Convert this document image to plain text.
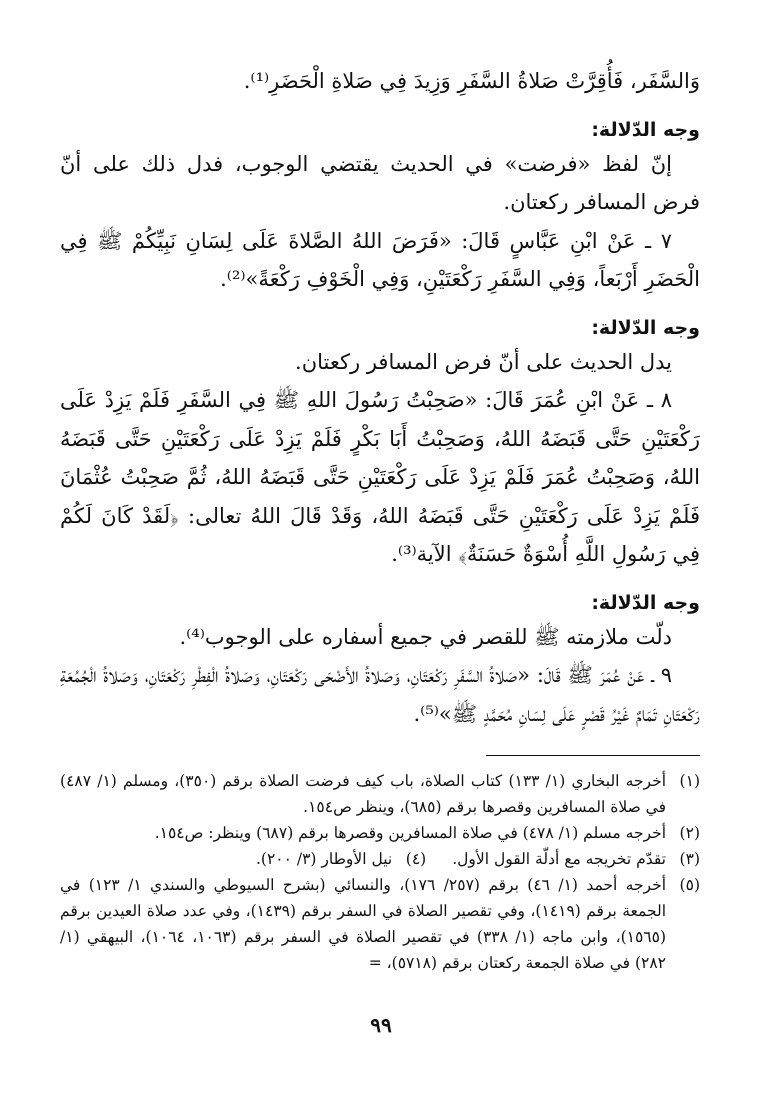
وَالسَّفَر، فَأُقِرَّتْ صَلاةُ السَّفَرِ وَزِيدَ فِي صَلاةِ الْحَضَرِ⁽¹⁾.

وجه الدّلالة:

إنّ لفظ «فرضت» في الحديث يقتضي الوجوب، فدل ذلك على أنّ فرض المسافر ركعتان.

٧ ـ عَنْ ابْنِ عَبَّاسٍ قَالَ: «فَرَضَ اللهُ الصَّلاةَ عَلَى لِسَانِ نَبِيِّكُمْ ﷺ فِي الْحَضَرِ أَرْبَعاً، وَفِي السَّفَرِ رَكْعَتَيْنِ، وَفِي الْخَوْفِ رَكْعَةً»⁽²⁾.

وجه الدّلالة:

يدل الحديث على أنّ فرض المسافر ركعتان.

٨ ـ عَنْ ابْنِ عُمَرَ قَالَ: «صَحِبْتُ رَسُولَ اللهِ ﷺ فِي السَّفَرِ فَلَمْ يَزِدْ عَلَى رَكْعَتَيْنِ حَتَّى قَبَضَهُ اللهُ، وَصَحِبْتُ أَبَا بَكْرٍ فَلَمْ يَزِدْ عَلَى رَكْعَتَيْنِ حَتَّى قَبَضَهُ اللهُ، وَصَحِبْتُ عُمَرَ فَلَمْ يَزِدْ عَلَى رَكْعَتَيْنِ حَتَّى قَبَضَهُ اللهُ، ثُمَّ صَحِبْتُ عُثْمَانَ فَلَمْ يَزِدْ عَلَى رَكْعَتَيْنِ حَتَّى قَبَضَهُ اللهُ، وَقَدْ قَالَ اللهُ تعالى: ﴿لَقَدْ كَانَ لَكُمْ فِي رَسُولِ اللَّهِ أُسْوَةٌ حَسَنَةٌ﴾ الآية⁽³⁾.

وجه الدّلالة:

دلّت ملازمته ﷺ للقصر في جميع أسفاره على الوجوب⁽⁴⁾.

٩ ـ عَنْ عُمَرَ ﷺ قَالَ: «صَلاةُ السَّفَرِ رَكْعَتَانِ، وَصَلاةُ الأَضْحَى رَكْعَتَانِ، وَصَلاةُ الْفِطْرِ رَكْعَتَانِ، وَصَلاةُ الْجُمُعَةِ رَكْعَتَانِ تَمَامٌ غَيْرُ قَصْرٍ عَلَى لِسَانِ مُحَمَّدٍ ﷺ»⁽⁵⁾.

(١)
أخرجه البخاري (١/ ١٣٣) كتاب الصلاة، باب كيف فرضت الصلاة برقم (٣٥٠)، ومسلم (١/ ٤٨٧) في صلاة المسافرين وقصرها برقم (٦٨٥)، وينظر ص١٥٤.
(٢)
أخرجه مسلم (١/ ٤٧٨) في صلاة المسافرين وقصرها برقم (٦٨٧) وينظر: ص١٥٤.
(٣)
تقدّم تخريجه مع أدلّة القول الأول.
(٤)
نيل الأوطار (٣/ ٢٠٠).
(٥)
أخرجه أحمد (١/ ٤٦) برقم (٢٥٧/ ١٧٦)، والنسائي (بشرح السيوطي والسندي ١/ ١٢٣) في الجمعة برقم (١٤١٩)، وفي تقصير الصلاة في السفر برقم (١٤٣٩)، وفي عدد صلاة العيدين برقم (١٥٦٥)، وابن ماجه (١/ ٣٣٨) في تقصير الصلاة في السفر برقم (١٠٦٣، ١٠٦٤)، البيهقي (١/ ٢٨٢) في صلاة الجمعة ركعتان برقم (٥٧١٨)، =
٩٩
